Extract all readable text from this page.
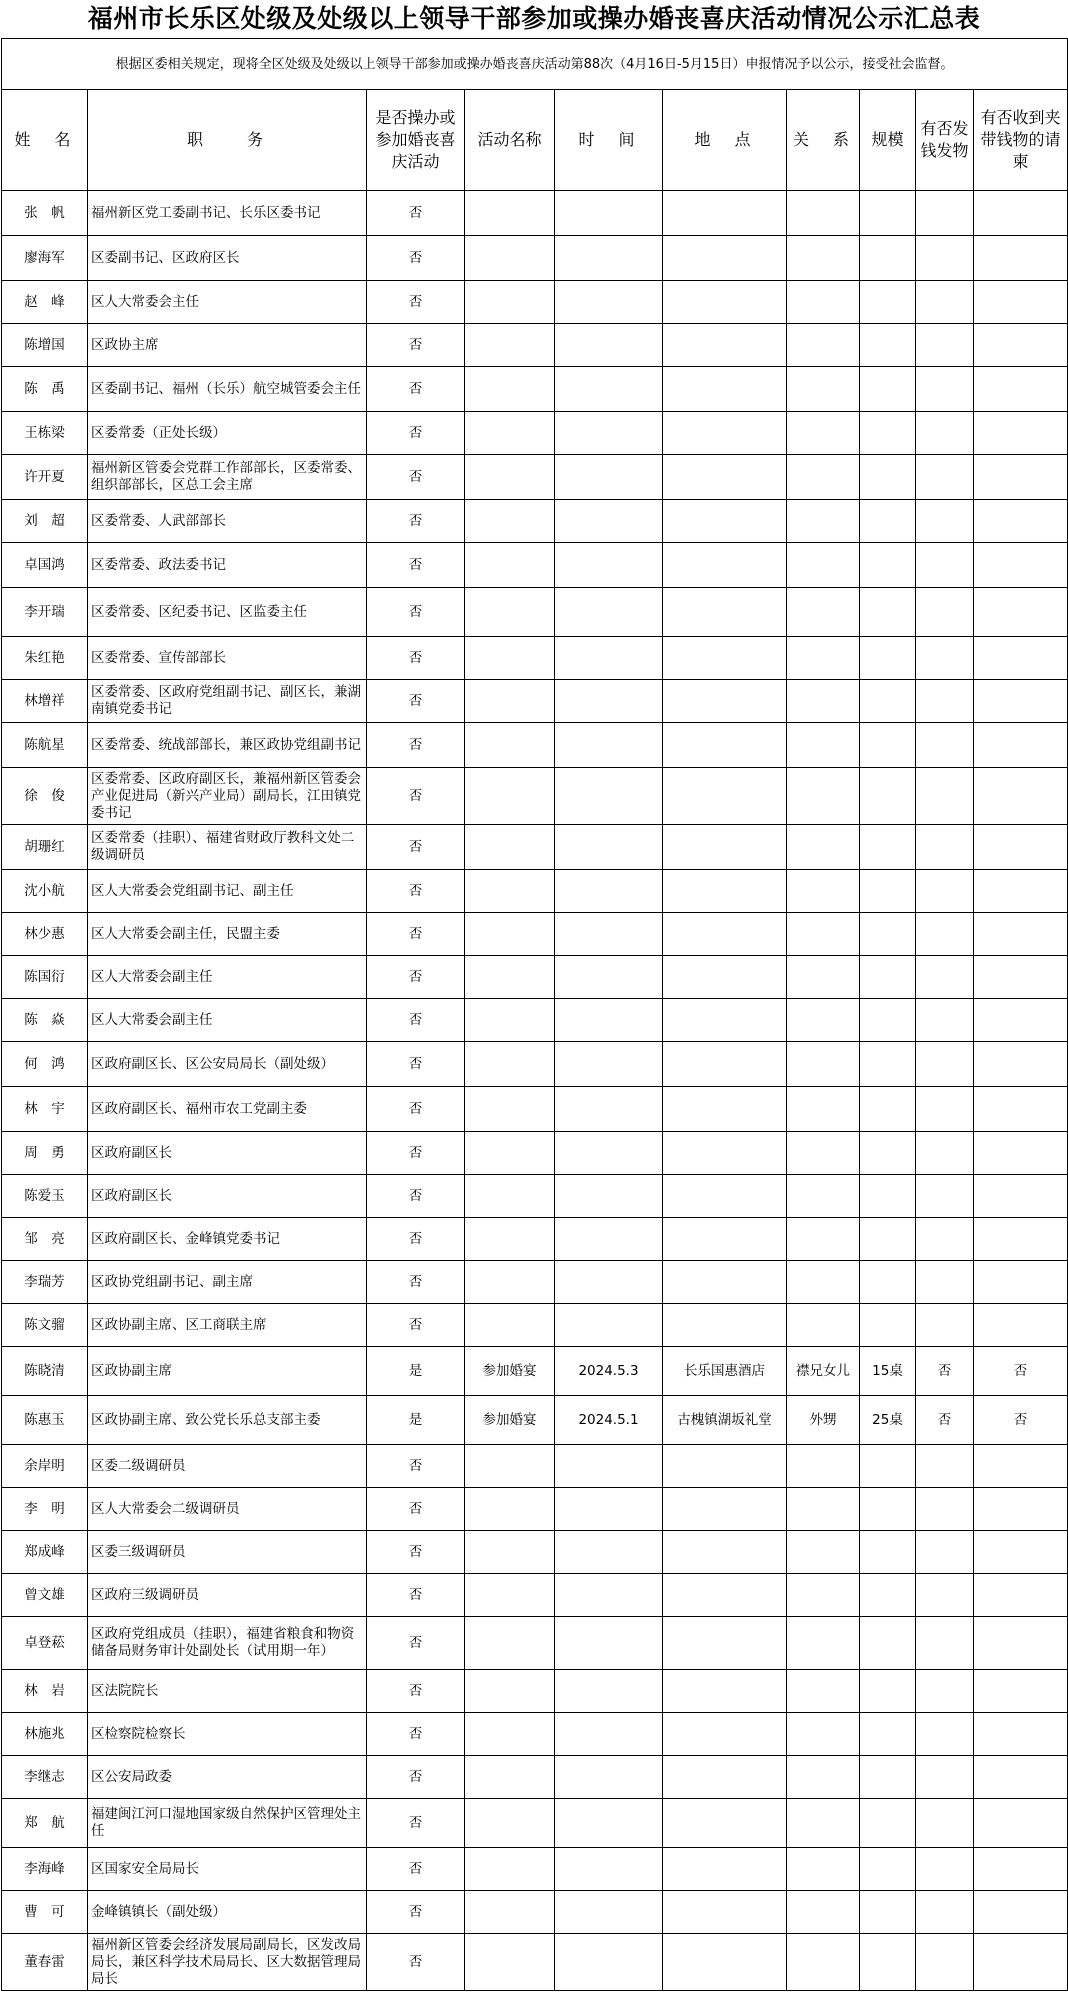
福州市长乐区处级及处级以上领导干部参加或操办婚丧喜庆活动情况公示汇总表
根据区委相关规定，现将全区处级及处级以上领导干部参加或操办婚丧喜庆活动第88次（4月16日-5月15日）申报情况予以公示，接受社会监督。									
姓　名	职　　务	是否操办或参加婚丧喜庆活动	活动名称	时　间	地　点	关　系	规模	有否发钱发物	有否收到夹带钱物的请柬
张　帆	福州新区党工委副书记、长乐区委书记	否							
廖海军	区委副书记、区政府区长	否							
赵　峰	区人大常委会主任	否							
陈增国	区政协主席	否							
陈　禹	区委副书记、福州（长乐）航空城管委会主任	否							
王栋梁	区委常委（正处长级）	否							
许开夏	福州新区管委会党群工作部部长，区委常委、组织部部长，区总工会主席	否							
刘　超	区委常委、人武部部长	否							
卓国鸿	区委常委、政法委书记	否							
李开瑞	区委常委、区纪委书记、区监委主任	否							
朱红艳	区委常委、宣传部部长	否							
林增祥	区委常委、区政府党组副书记、副区长，兼湖南镇党委书记	否							
陈航星	区委常委、统战部部长，兼区政协党组副书记	否							
徐　俊	区委常委、区政府副区长，兼福州新区管委会产业促进局（新兴产业局）副局长，江田镇党委书记	否							
胡珊红	区委常委（挂职）、福建省财政厅教科文处二级调研员	否							
沈小航	区人大常委会党组副书记、副主任	否							
林少惠	区人大常委会副主任，民盟主委	否							
陈国衍	区人大常委会副主任	否							
陈　焱	区人大常委会副主任	否							
何　鸿	区政府副区长、区公安局局长（副处级）	否							
林　宇	区政府副区长、福州市农工党副主委	否							
周　勇	区政府副区长	否							
陈爱玉	区政府副区长	否							
邹　亮	区政府副区长、金峰镇党委书记	否							
李瑞芳	区政协党组副书记、副主席	否							
陈文骝	区政协副主席、区工商联主席	否							
陈晓清	区政协副主席	是	参加婚宴	2024.5.3	长乐国惠酒店	襟兄女儿	15桌	否	否
陈惠玉	区政协副主席、致公党长乐总支部主委	是	参加婚宴	2024.5.1	古槐镇湖坂礼堂	外甥	25桌	否	否
余岸明	区委二级调研员	否							
李　明	区人大常委会二级调研员	否							
郑成峰	区委三级调研员	否							
曾文雄	区政府三级调研员	否							
卓登菘	区政府党组成员（挂职），福建省粮食和物资储备局财务审计处副处长（试用期一年）	否							
林　岩	区法院院长	否							
林施兆	区检察院检察长	否							
李继志	区公安局政委	否							
郑　航	福建闽江河口湿地国家级自然保护区管理处主任	否							
李海峰	区国家安全局局长	否							
曹　可	金峰镇镇长（副处级）	否							
董春雷	福州新区管委会经济发展局副局长，区发改局局长，兼区科学技术局局长、区大数据管理局局长	否							
